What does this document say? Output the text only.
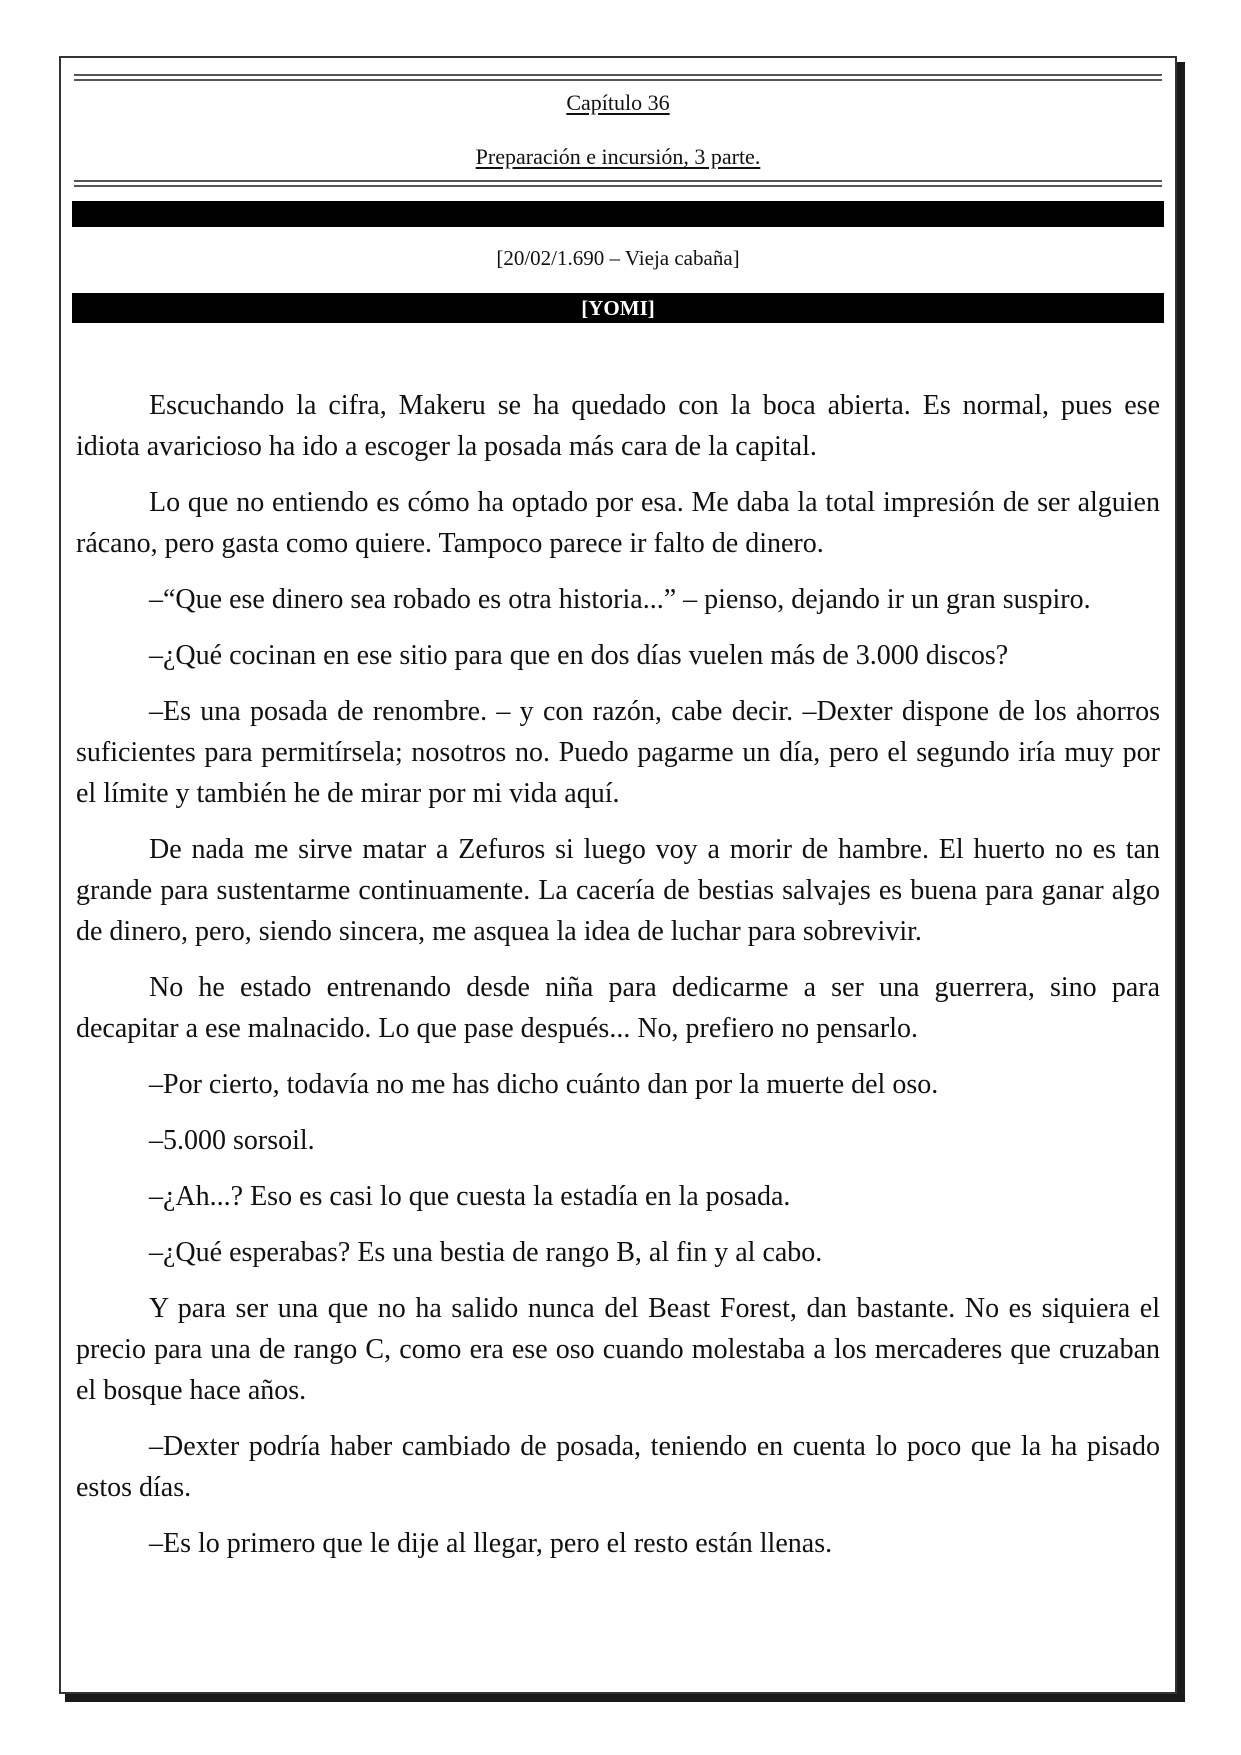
Capítulo 36
Preparación e incursión, 3 parte.
[20/02/1.690 – Vieja cabaña]
[YOMI]

Escuchando la cifra, Makeru se ha quedado con la boca abierta. Es normal, pues ese idiota avaricioso ha ido a escoger la posada más cara de la capital.

Lo que no entiendo es cómo ha optado por esa. Me daba la total impresión de ser alguien rácano, pero gasta como quiere. Tampoco parece ir falto de dinero.

–“Que ese dinero sea robado es otra historia...” – pienso, dejando ir un gran suspiro.

–¿Qué cocinan en ese sitio para que en dos días vuelen más de 3.000 discos?

–Es una posada de renombre. – y con razón, cabe decir. –Dexter dispone de los ahorros suficientes para permitírsela; nosotros no. Puedo pagarme un día, pero el segundo iría muy por el límite y también he de mirar por mi vida aquí.

De nada me sirve matar a Zefuros si luego voy a morir de hambre. El huerto no es tan grande para sustentarme continuamente. La cacería de bestias salvajes es buena para ganar algo de dinero, pero, siendo sincera, me asquea la idea de luchar para sobrevivir.

No he estado entrenando desde niña para dedicarme a ser una guerrera, sino para decapitar a ese malnacido. Lo que pase después... No, prefiero no pensarlo.

–Por cierto, todavía no me has dicho cuánto dan por la muerte del oso.

–5.000 sorsoil.

–¿Ah...? Eso es casi lo que cuesta la estadía en la posada.

–¿Qué esperabas? Es una bestia de rango B, al fin y al cabo.

Y para ser una que no ha salido nunca del Beast Forest, dan bastante. No es siquiera el precio para una de rango C, como era ese oso cuando molestaba a los mercaderes que cruzaban el bosque hace años.

–Dexter podría haber cambiado de posada, teniendo en cuenta lo poco que la ha pisado estos días.

–Es lo primero que le dije al llegar, pero el resto están llenas.
